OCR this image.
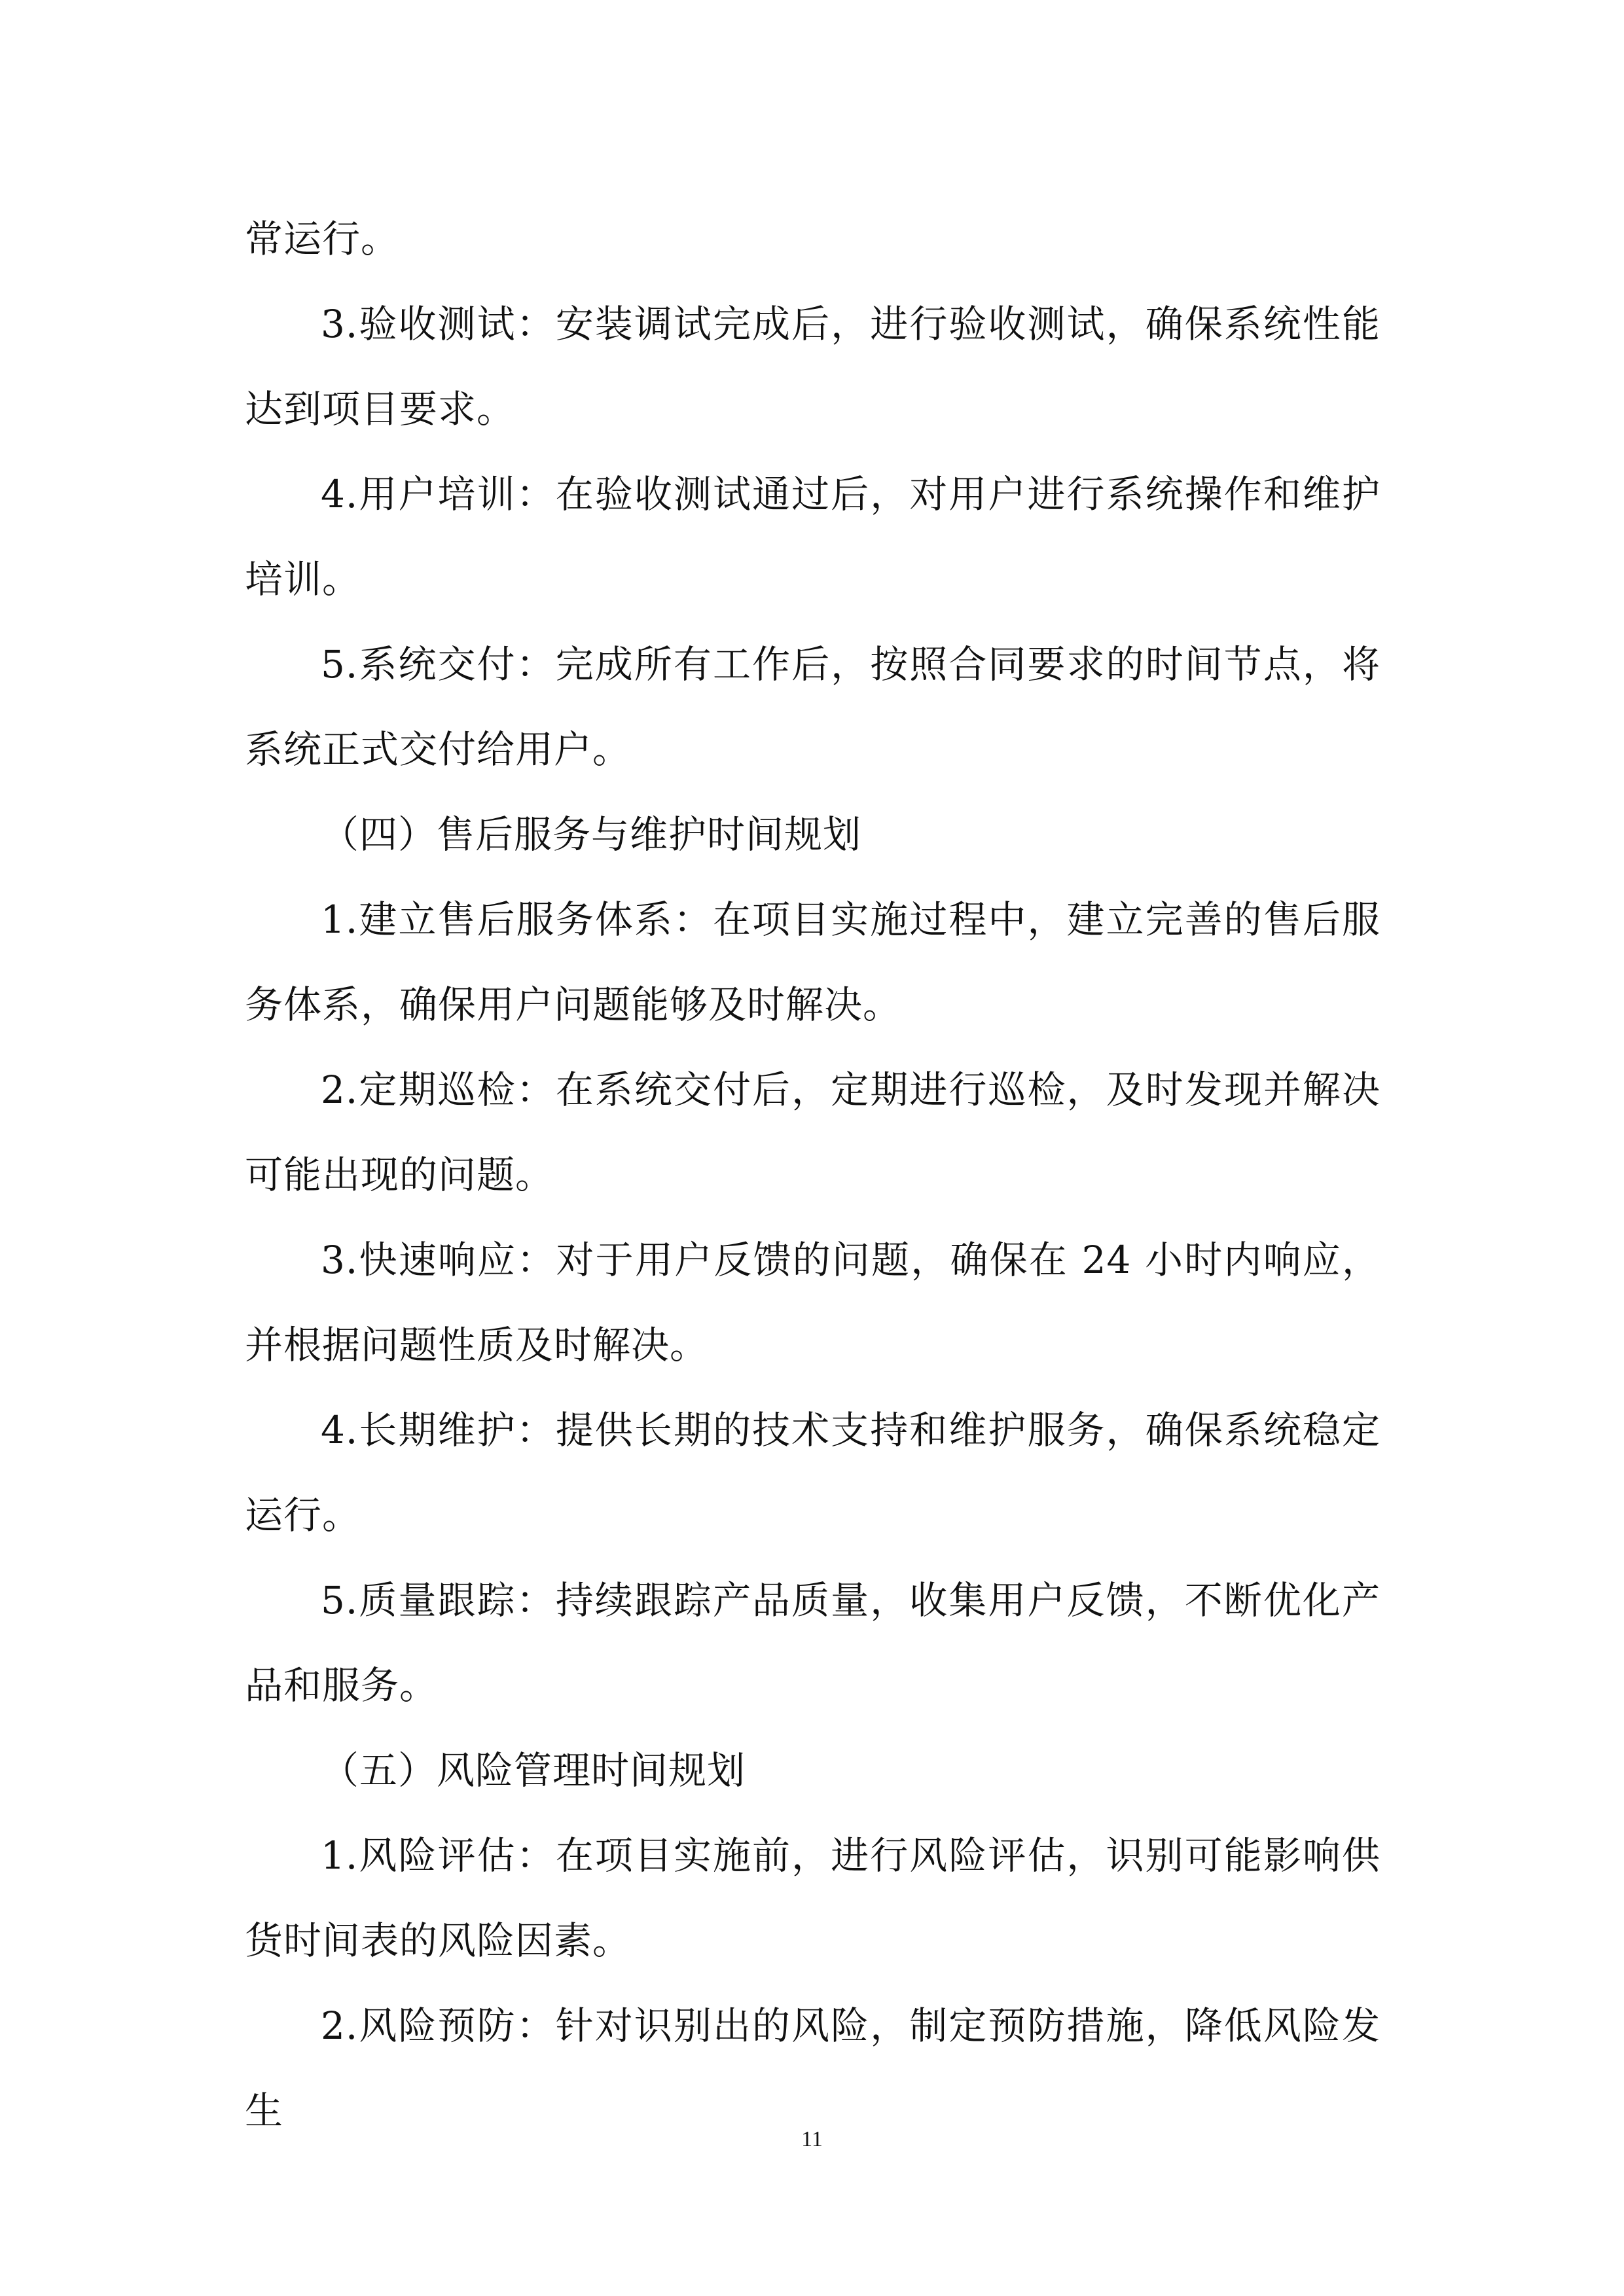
常运行。

3.验收测试：安装调试完成后，进行验收测试，确保系统性能达到项目要求。

4.用户培训：在验收测试通过后，对用户进行系统操作和维护培训。

5.系统交付：完成所有工作后，按照合同要求的时间节点，将系统正式交付给用户。

（四）售后服务与维护时间规划

1.建立售后服务体系：在项目实施过程中，建立完善的售后服务体系，确保用户问题能够及时解决。

2.定期巡检：在系统交付后，定期进行巡检，及时发现并解决可能出现的问题。

3.快速响应：对于用户反馈的问题，确保在 24 小时内响应，并根据问题性质及时解决。

4.长期维护：提供长期的技术支持和维护服务，确保系统稳定运行。

5.质量跟踪：持续跟踪产品质量，收集用户反馈，不断优化产品和服务。

（五）风险管理时间规划

1.风险评估：在项目实施前，进行风险评估，识别可能影响供货时间表的风险因素。

2.风险预防：针对识别出的风险，制定预防措施，降低风险发生

11
